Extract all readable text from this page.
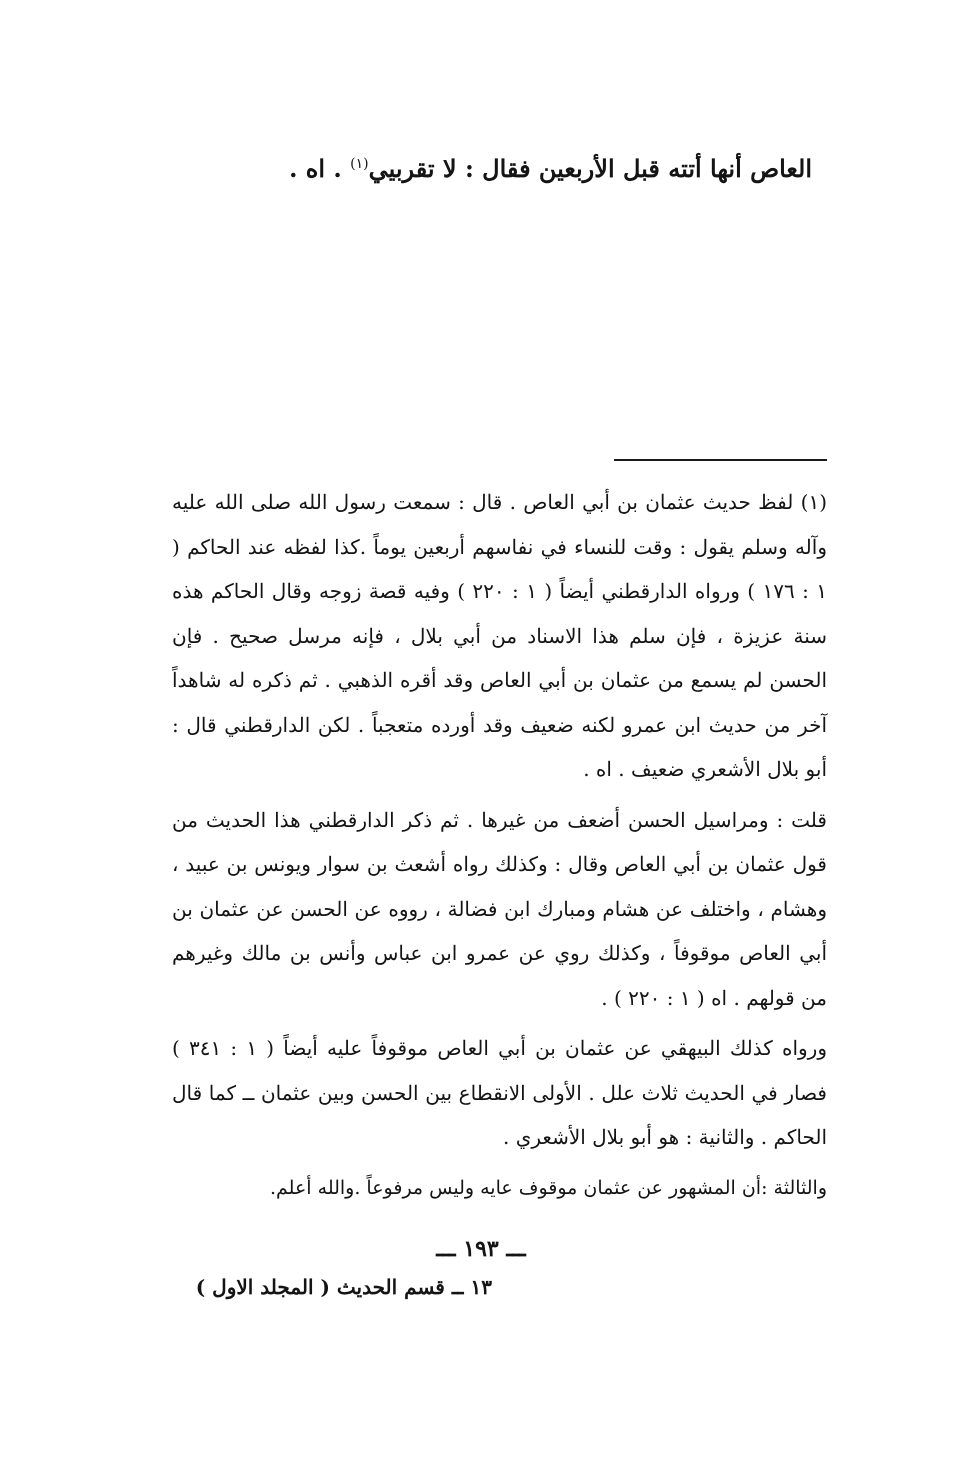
العاص أنها أتته قبل الأربعين فقال : لا تقربيي$^{(١)}$ . اه .

(١) لفظ حديث عثمان بن أبي العاص . قال : سمعت رسول الله صلى الله عليه وآله وسلم يقول : وقت للنساء في نفاسهم أربعين يوماً .كذا لفظه عند الحاكم ( ١ : ١٧٦ ) ورواه الدارقطني أيضاً ( ١ : ٢٢٠ ) وفيه قصة زوجه وقال الحاكم هذه سنة عزيزة ، فإن سلم هذا الاسناد من أبي بلال ، فإنه مرسل صحيح . فإن الحسن لم يسمع من عثمان بن أبي العاص وقد أقره الذهبي . ثم ذكره له شاهداً آخر من حديث ابن عمرو لكنه ضعيف وقد أورده متعجباً . لكن الدارقطني قال : أبو بلال الأشعري ضعيف . اه .

قلت : ومراسيل الحسن أضعف من غيرها . ثم ذكر الدارقطني هذا الحديث من قول عثمان بن أبي العاص وقال : وكذلك رواه أشعث بن سوار ويونس بن عبيد ، وهشام ، واختلف عن هشام ومبارك ابن فضالة ، رووه عن الحسن عن عثمان بن أبي العاص موقوفاً ، وكذلك روي عن عمرو ابن عباس وأنس بن مالك وغيرهم من قولهم . اه ( ١ : ٢٢٠ ) .

ورواه كذلك البيهقي عن عثمان بن أبي العاص موقوفاً عليه أيضاً ( ١ : ٣٤١ ) فصار في الحديث ثلاث علل . الأولى الانقطاع بين الحسن وبين عثمان ــ كما قال الحاكم . والثانية : هو أبو بلال الأشعري .

والثالثة :أن المشهور عن عثمان موقوف عايه وليس مرفوعاً .والله أعلم.

ـــ ١٩٣ ـــ
١٣ ــ قسم الحديث ( المجلد الاول )
